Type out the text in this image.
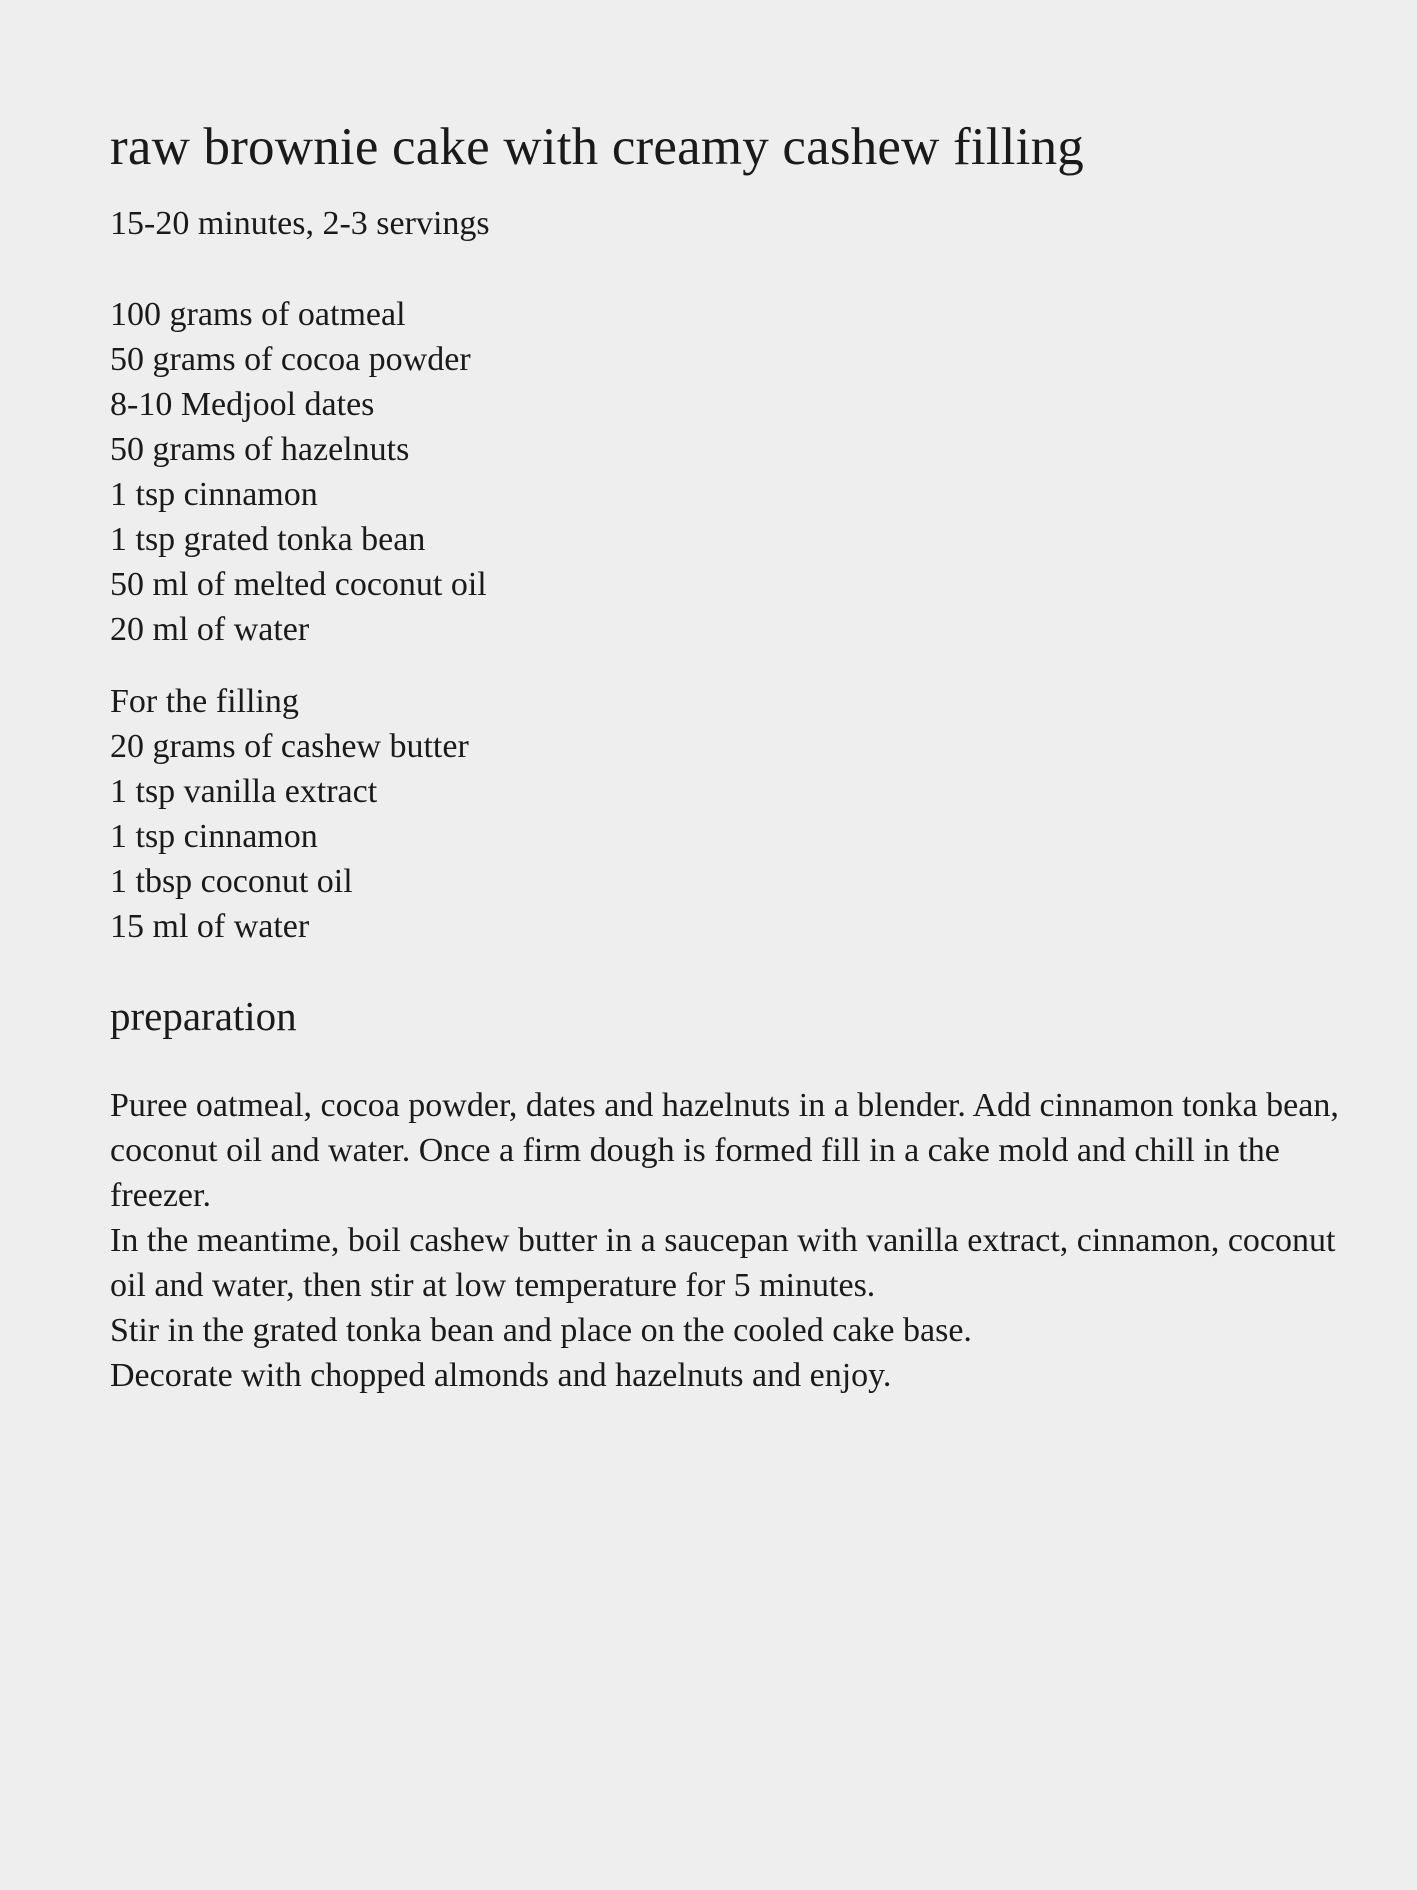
raw brownie cake with creamy cashew filling
15-20 minutes, 2-3 servings
100 grams of oatmeal
50 grams of cocoa powder
8-10 Medjool dates
50 grams of hazelnuts
1 tsp cinnamon
1 tsp grated tonka bean
50 ml of melted coconut oil
20 ml of water
For the filling
20 grams of cashew butter
1 tsp vanilla extract
1 tsp cinnamon
1 tbsp coconut oil
15 ml of water
preparation

Puree oatmeal, cocoa powder, dates and hazelnuts in a blender. Add cinnamon tonka bean, coconut oil and water. Once a firm dough is formed fill in a cake mold and chill in the freezer.

In the meantime, boil cashew butter in a saucepan with vanilla extract, cinnamon, coconut oil and water, then stir at low temperature for 5 minutes.

Stir in the grated tonka bean and place on the cooled cake base.

Decorate with chopped almonds and hazelnuts and enjoy.
